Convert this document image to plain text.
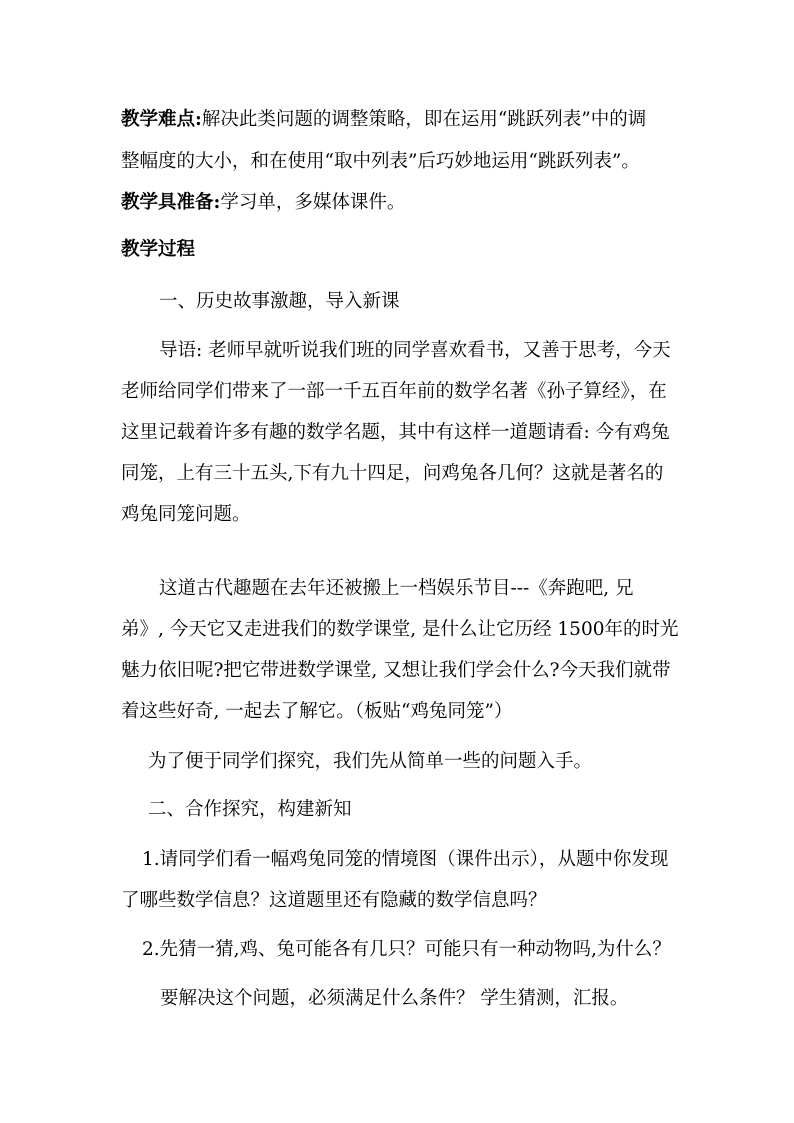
教学难点:解决此类问题的调整策略，即在运用“跳跃列表”中的调
整幅度的大小，和在使用“取中列表”后巧妙地运用“跳跃列表”。
教学具准备:学习单，多媒体课件。
教学过程
一、历史故事激趣，导入新课
导语: 老师早就听说我们班的同学喜欢看书，又善于思考，今天
老师给同学们带来了一部一千五百年前的数学名著《孙子算经》，在
这里记载着许多有趣的数学名题，其中有这样一道题请看: 今有鸡兔
同笼，上有三十五头,下有九十四足，问鸡兔各几何？这就是著名的
鸡兔同笼问题。
这道古代趣题在去年还被搬上一档娱乐节目---《奔跑吧, 兄
弟》, 今天它又走进我们的数学课堂, 是什么让它历经 1500年的时光
魅力依旧呢?把它带进数学课堂, 又想让我们学会什么?今天我们就带
着这些好奇, 一起去了解它。（板贴“鸡兔同笼”）
为了便于同学们探究，我们先从简单一些的问题入手。
二、合作探究，构建新知
1.请同学们看一幅鸡兔同笼的情境图（课件出示），从题中你发现
了哪些数学信息？这道题里还有隐藏的数学信息吗？
2.先猜一猜,鸡、兔可能各有几只？可能只有一种动物吗,为什么？
要解决这个问题，必须满足什么条件？ 学生猜测，汇报。
